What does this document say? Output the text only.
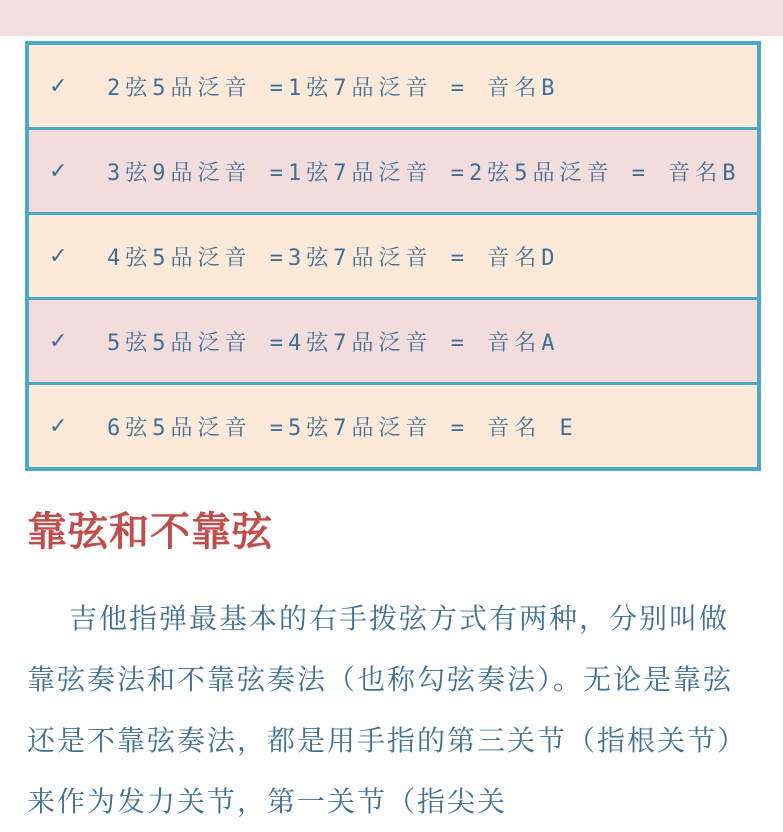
✓	2弦5品泛音 =1弦7品泛音 = 音名B
✓	3弦9品泛音 =1弦7品泛音 =2弦5品泛音 = 音名B
✓	4弦5品泛音 =3弦7品泛音 = 音名D
✓	5弦5品泛音 =4弦7品泛音 = 音名A
✓	6弦5品泛音 =5弦7品泛音 = 音名 E
靠弦和不靠弦
吉他指弹最基本的右手拨弦方式有两种，分别叫做靠弦奏法和不靠弦奏法（也称勾弦奏法）。无论是靠弦还是不靠弦奏法，都是用手指的第三关节（指根关节）来作为发力关节，第一关节（指尖关
